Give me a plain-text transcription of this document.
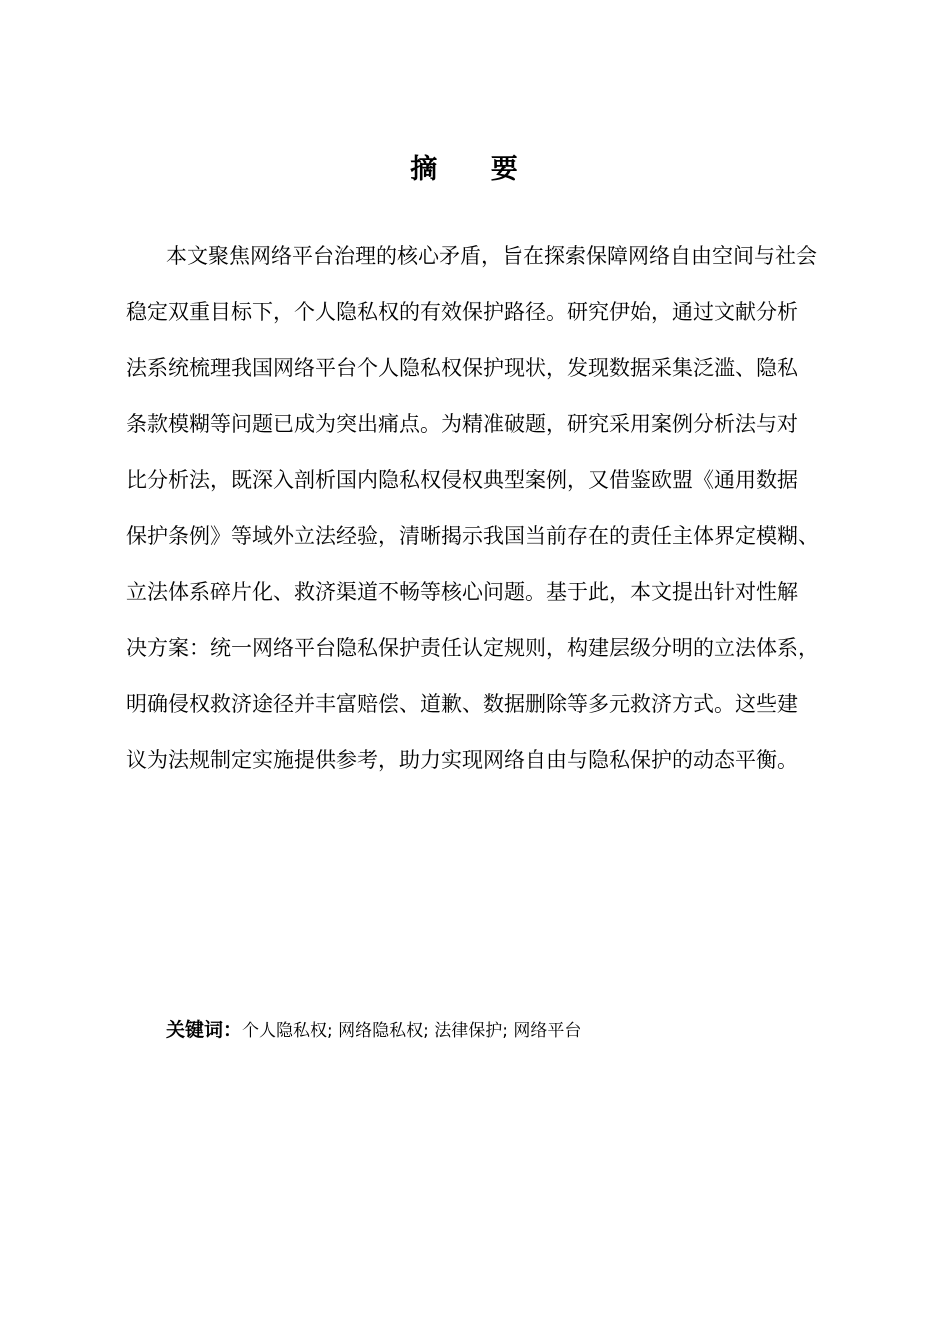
摘 要
本文聚焦网络平台治理的核心矛盾，旨在探索保障网络自由空间与社会
稳定双重目标下，个人隐私权的有效保护路径。研究伊始，通过文献分析
法系统梳理我国网络平台个人隐私权保护现状，发现数据采集泛滥、隐私
条款模糊等问题已成为突出痛点。为精准破题，研究采用案例分析法与对
比分析法，既深入剖析国内隐私权侵权典型案例，又借鉴欧盟《通用数据
保护条例》等域外立法经验，清晰揭示我国当前存在的责任主体界定模糊、
立法体系碎片化、救济渠道不畅等核心问题。基于此，本文提出针对性解
决方案：统一网络平台隐私保护责任认定规则，构建层级分明的立法体系，
明确侵权救济途径并丰富赔偿、道歉、数据删除等多元救济方式。这些建
议为法规制定实施提供参考，助力实现网络自由与隐私保护的动态平衡。
关键词：个人隐私权; 网络隐私权; 法律保护; 网络平台
